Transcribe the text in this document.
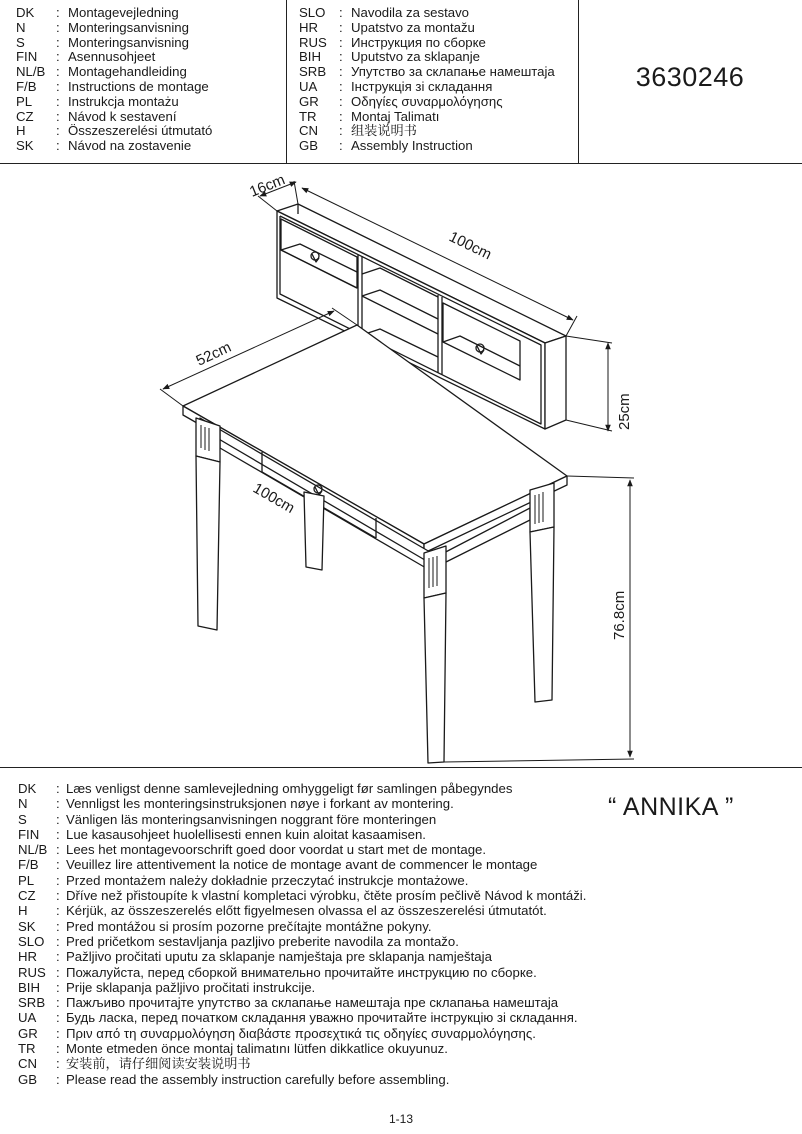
DK	: Montagevejledning
N	: Monteringsanvisning
S	: Monteringsanvisning
FIN	: Asennusohjeet
NL/B : Montagehandleiding
F/B	: Instructions de montage
PL	: Instrukcja montażu
CZ	: Návod k sestavení
H	: Összeszerelési útmutató
SK	: Návod na zostavenie
SLO	: Navodila za sestavo
HR	: Upatstvo za montažu
RUS : Инструкция по сборке
BIH	: Uputstvo za sklapanje
SRB : Упутство за склапање намештаја
UA	: Інструкція зі складання
GR	: Οδηγίες συναρμολόγησης
TR	: Montaj Talimatı
CN	: 组装说明书
GB	: Assembly Instruction
3630246
16cm
100cm
25cm
52cm
100cm
76.8cm
DK	: Læs venligst denne samlevejledning omhyggeligt før samlingen påbegyndes
N	: Vennligst les monteringsinstruksjonen nøye i forkant av montering.
S	: Vänligen läs monteringsanvisningen noggrant före monteringen
FIN	: Lue kasausohjeet huolellisesti ennen kuin aloitat kasaamisen.
NL/B : Lees het montagevoorschrift goed door voordat u start met de montage.
F/B	: Veuillez lire attentivement la notice de montage avant de commencer le montage
PL	: Przed montażem należy dokładnie przeczytać instrukcje montażowe.
CZ	: Dříve než přistoupíte k vlastní kompletaci výrobku, čtěte prosím pečlivě Návod k montáži.
H	: Kérjük, az összeszerelés előtt figyelmesen olvassa el az összeszerelési útmutatót.
SK	: Pred montážou si prosím pozorne prečítajte montážne pokyny.
SLO : Pred pričetkom sestavljanja pazljivo preberite navodila za montažo.
HR	: Pažljivo pročitati uputu za sklapanje namještaja pre sklapanja namještaja
RUS : Пожалуйста, перед сборкой внимательно прочитайте инструкцию по сборке.
BIH	: Prije sklapanja pažljivo pročitati instrukcije.
SRB : Пажљиво прочитајте упутство за склапање намештаја пре склапања намештаја
UA	: Будь ласка, перед початком складання уважно прочитайте інструкцію зі складання.
GR	: Πριν από τη συναρμολόγηση διαβάστε προσεχτικά τις οδηγίες συναρμολόγησης.
TR	: Monte etmeden önce montaj talimatını lütfen dikkatlice okuyunuz.
CN	: 安装前，请仔细阅读安装说明书
GB	: Please read the assembly instruction carefully before assembling.
“ ANNIKA ”
1-13
